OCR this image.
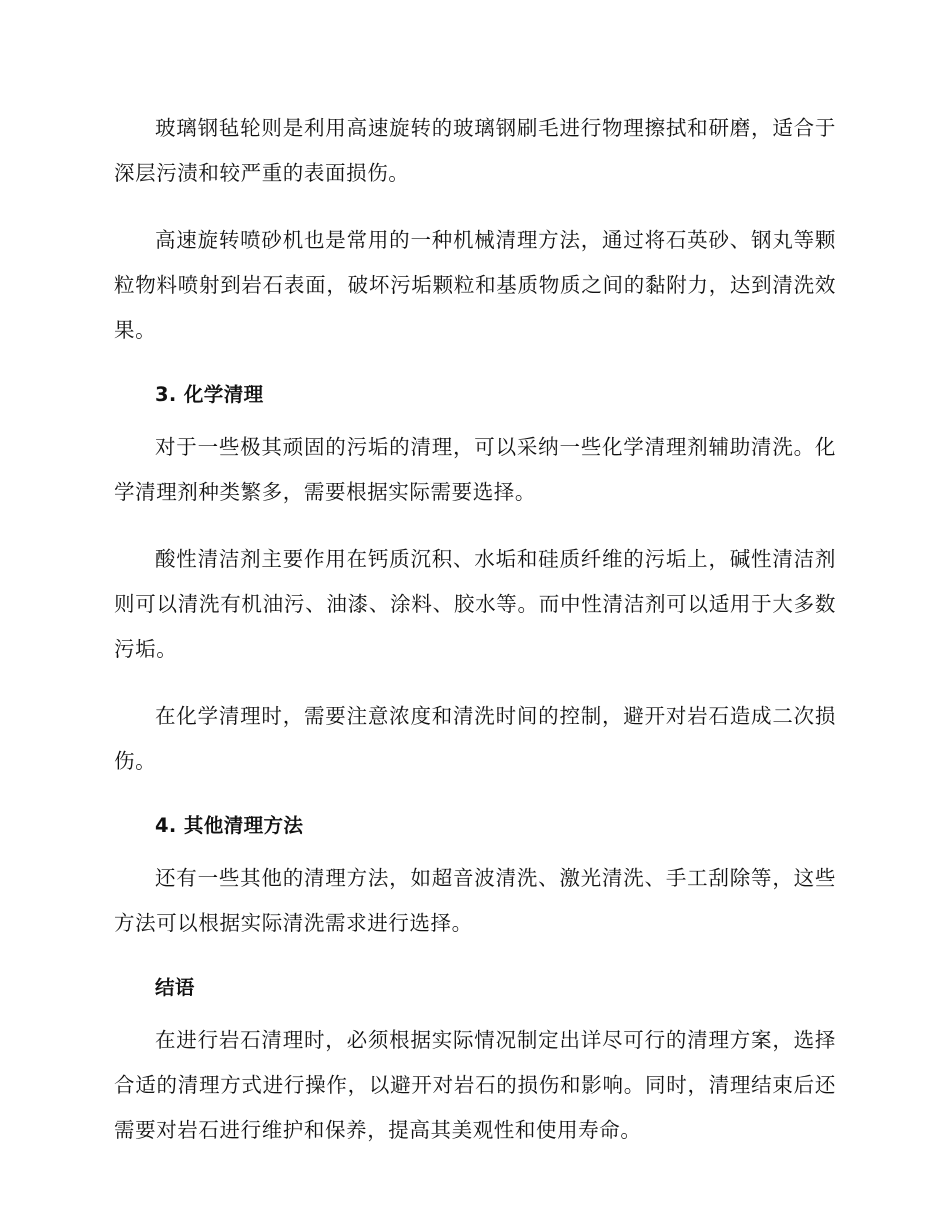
玻璃钢毡轮则是利用高速旋转的玻璃钢刷毛进行物理擦拭和研磨，适合于深层污渍和较严重的表面损伤。

高速旋转喷砂机也是常用的一种机械清理方法，通过将石英砂、钢丸等颗粒物料喷射到岩石表面，破坏污垢颗粒和基质物质之间的黏附力，达到清洗效果。

3. 化学清理

对于一些极其顽固的污垢的清理，可以采纳一些化学清理剂辅助清洗。化学清理剂种类繁多，需要根据实际需要选择。

酸性清洁剂主要作用在钙质沉积、水垢和硅质纤维的污垢上，碱性清洁剂则可以清洗有机油污、油漆、涂料、胶水等。而中性清洁剂可以适用于大多数污垢。

在化学清理时，需要注意浓度和清洗时间的控制，避开对岩石造成二次损伤。

4. 其他清理方法

还有一些其他的清理方法，如超音波清洗、激光清洗、手工刮除等，这些方法可以根据实际清洗需求进行选择。

结语

在进行岩石清理时，必须根据实际情况制定出详尽可行的清理方案，选择合适的清理方式进行操作，以避开对岩石的损伤和影响。同时，清理结束后还需要对岩石进行维护和保养，提高其美观性和使用寿命。
